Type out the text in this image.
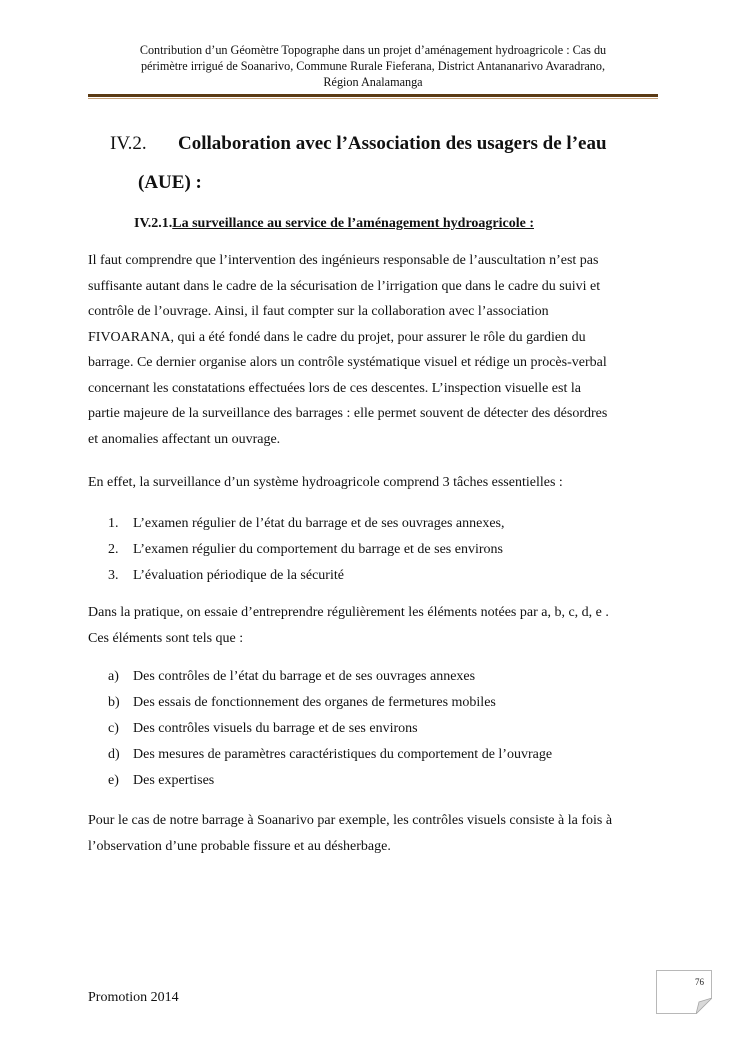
Contribution d’un Géomètre Topographe dans un projet d’aménagement hydroagricole : Cas du
périmètre irrigué de Soanarivo, Commune Rurale Fieferana, District Antananarivo Avaradrano,
Région Analamanga
IV.2. Collaboration avec l’Association des usagers de l’eau
(AUE) :
IV.2.1.La surveillance au service de l’aménagement hydroagricole :
Il faut comprendre que l’intervention des ingénieurs responsable de l’auscultation n’est pas
suffisante autant dans le cadre de la sécurisation de l’irrigation que dans le cadre du suivi et
contrôle de l’ouvrage. Ainsi, il faut compter sur la collaboration avec l’association
FIVOARANA, qui a été fondé dans le cadre du projet, pour assurer le rôle du gardien du
barrage. Ce dernier organise alors un contrôle systématique visuel et rédige un procès-verbal
concernant les constatations effectuées lors de ces descentes. L’inspection visuelle est la
partie majeure de la surveillance des barrages : elle permet souvent de détecter des désordres
et anomalies affectant un ouvrage.
En effet, la surveillance d’un système hydroagricole comprend 3 tâches essentielles :
1. L’examen régulier de l’état du barrage et de ses ouvrages annexes,
2. L’examen régulier du comportement du barrage et de ses environs
3. L’évaluation périodique de la sécurité
Dans la pratique, on essaie d’entreprendre régulièrement les éléments notées par a, b, c, d, e .
Ces éléments sont tels que :
a) Des contrôles de l’état du barrage et de ses ouvrages annexes
b) Des essais de fonctionnement des organes de fermetures mobiles
c) Des contrôles visuels du barrage et de ses environs
d) Des mesures de paramètres caractéristiques du comportement de l’ouvrage
e) Des expertises
Pour le cas de notre barrage à Soanarivo par exemple, les contrôles visuels consiste à la fois à
l’observation d’une probable fissure et au désherbage.
76
Promotion 2014
